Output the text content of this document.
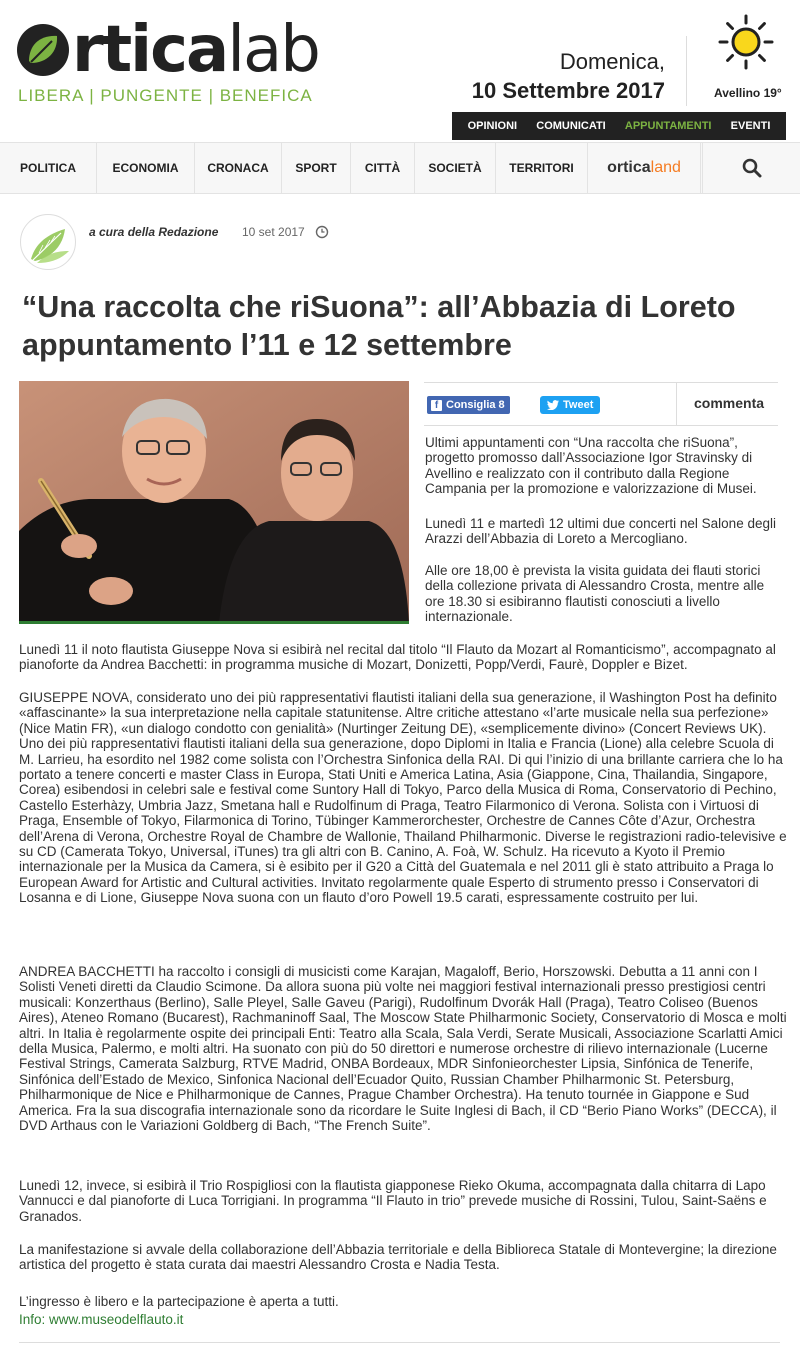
rticalab
LIBERA | PUNGENTE | BENEFICA
Domenica,
10 Settembre 2017	Avellino 19°
OPINIONI COMUNICATI APPUNTAMENTI EVENTI
POLITICA	ECONOMIA	CRONACA	SPORT	CITTÀ	SOCIETÀ	TERRITORI	ortica land
a cura della Redazione 10 set 2017
“Una raccolta che riSuona”: all’Abbazia di Loreto appuntamento l’11 e 12 settembre
f Consiglia 8	Tweet	commenta

Ultimi appuntamenti con “Una raccolta che riSuona”, progetto promosso dall’Associazione Igor Stravinsky di Avellino e realizzato con il contributo dalla Regione Campania per la promozione e valorizzazione di Musei.

Lunedì 11 e martedì 12 ultimi due concerti nel Salone degli Arazzi dell’Abbazia di Loreto a Mercogliano.

Alle ore 18,00 è prevista la visita guidata dei flauti storici della collezione privata di Alessandro Crosta, mentre alle ore 18.30 si esibiranno flautisti conosciuti a livello internazionale.

Lunedì 11 il noto flautista Giuseppe Nova si esibirà nel recital dal titolo “Il Flauto da Mozart al Romanticismo”, accompagnato al pianoforte da Andrea Bacchetti: in programma musiche di Mozart, Donizetti, Popp/Verdi, Faurè, Doppler e Bizet.

GIUSEPPE NOVA, considerato uno dei più rappresentativi flautisti italiani della sua generazione, il Washington Post ha definito «affascinante» la sua interpretazione nella capitale statunitense. Altre critiche attestano «l’arte musicale nella sua perfezione» (Nice Matin FR), «un dialogo condotto con genialità» (Nurtinger Zeitung DE), «semplicemente divino» (Concert Reviews UK). Uno dei più rappresentativi flautisti italiani della sua generazione, dopo Diplomi in Italia e Francia (Lione) alla celebre Scuola di M. Larrieu, ha esordito nel 1982 come solista con l’Orchestra Sinfonica della RAI. Di qui l’inizio di una brillante carriera che lo ha portato a tenere concerti e master Class in Europa, Stati Uniti e America Latina, Asia (Giappone, Cina, Thailandia, Singapore, Corea) esibendosi in celebri sale e festival come Suntory Hall di Tokyo, Parco della Musica di Roma, Conservatorio di Pechino, Castello Esterhàzy, Umbria Jazz, Smetana hall e Rudolfinum di Praga, Teatro Filarmonico di Verona. Solista con i Virtuosi di Praga, Ensemble of Tokyo, Filarmonica di Torino, Tübinger Kammerorchester, Orchestre de Cannes Côte d’Azur, Orchestra dell’Arena di Verona, Orchestre Royal de Chambre de Wallonie, Thailand Philharmonic. Diverse le registrazioni radio-televisive e su CD (Camerata Tokyo, Universal, iTunes) tra gli altri con B. Canino, A. Foà, W. Schulz. Ha ricevuto a Kyoto il Premio internazionale per la Musica da Camera, si è esibito per il G20 a Città del Guatemala e nel 2011 gli è stato attribuito a Praga lo European Award for Artistic and Cultural activities. Invitato regolarmente quale Esperto di strumento presso i Conservatori di Losanna e di Lione, Giuseppe Nova suona con un flauto d’oro Powell 19.5 carati, espressamente costruito per lui.

ANDREA BACCHETTI ha raccolto i consigli di musicisti come Karajan, Magaloff, Berio, Horszowski. Debutta a 11 anni con I Solisti Veneti diretti da Claudio Scimone. Da allora suona più volte nei maggiori festival internazionali presso prestigiosi centri musicali: Konzerthaus (Berlino), Salle Pleyel, Salle Gaveu (Parigi), Rudolfinum Dvorák Hall (Praga), Teatro Coliseo (Buenos Aires), Ateneo Romano (Bucarest), Rachmaninoff Saal, The Moscow State Philharmonic Society, Conservatorio di Mosca e molti altri. In Italia è regolarmente ospite dei principali Enti: Teatro alla Scala, Sala Verdi, Serate Musicali, Associazione Scarlatti Amici della Musica, Palermo, e molti altri. Ha suonato con più do 50 direttori e numerose orchestre di rilievo internazionale (Lucerne Festival Strings, Camerata Salzburg, RTVE Madrid, ONBA Bordeaux, MDR Sinfonieorchester Lipsia, Sinfónica de Tenerife, Sinfónica dell’Estado de Mexico, Sinfonica Nacional dell’Ecuador Quito, Russian Chamber Philharmonic St. Petersburg, Philharmonique de Nice e Philharmonique de Cannes, Prague Chamber Orchestra). Ha tenuto tournée in Giappone e Sud America. Fra la sua discografia internazionale sono da ricordare le Suite Inglesi di Bach, il CD “Berio Piano Works” (DECCA), il DVD Arthaus con le Variazioni Goldberg di Bach, “The French Suite”.

Lunedì 12, invece, si esibirà il Trio Rospigliosi con la flautista giapponese Rieko Okuma, accompagnata dalla chitarra di Lapo Vannucci e dal pianoforte di Luca Torrigiani. In programma “Il Flauto in trio” prevede musiche di Rossini, Tulou, Saint-Saëns e Granados.

La manifestazione si avvale della collaborazione dell’Abbazia territoriale e della Biblioreca Statale di Montevergine; la direzione artistica del progetto è stata curata dai maestri Alessandro Crosta e Nadia Testa.

L’ingresso è libero e la partecipazione è aperta a tutti.

Info: www.museodelflauto.it
